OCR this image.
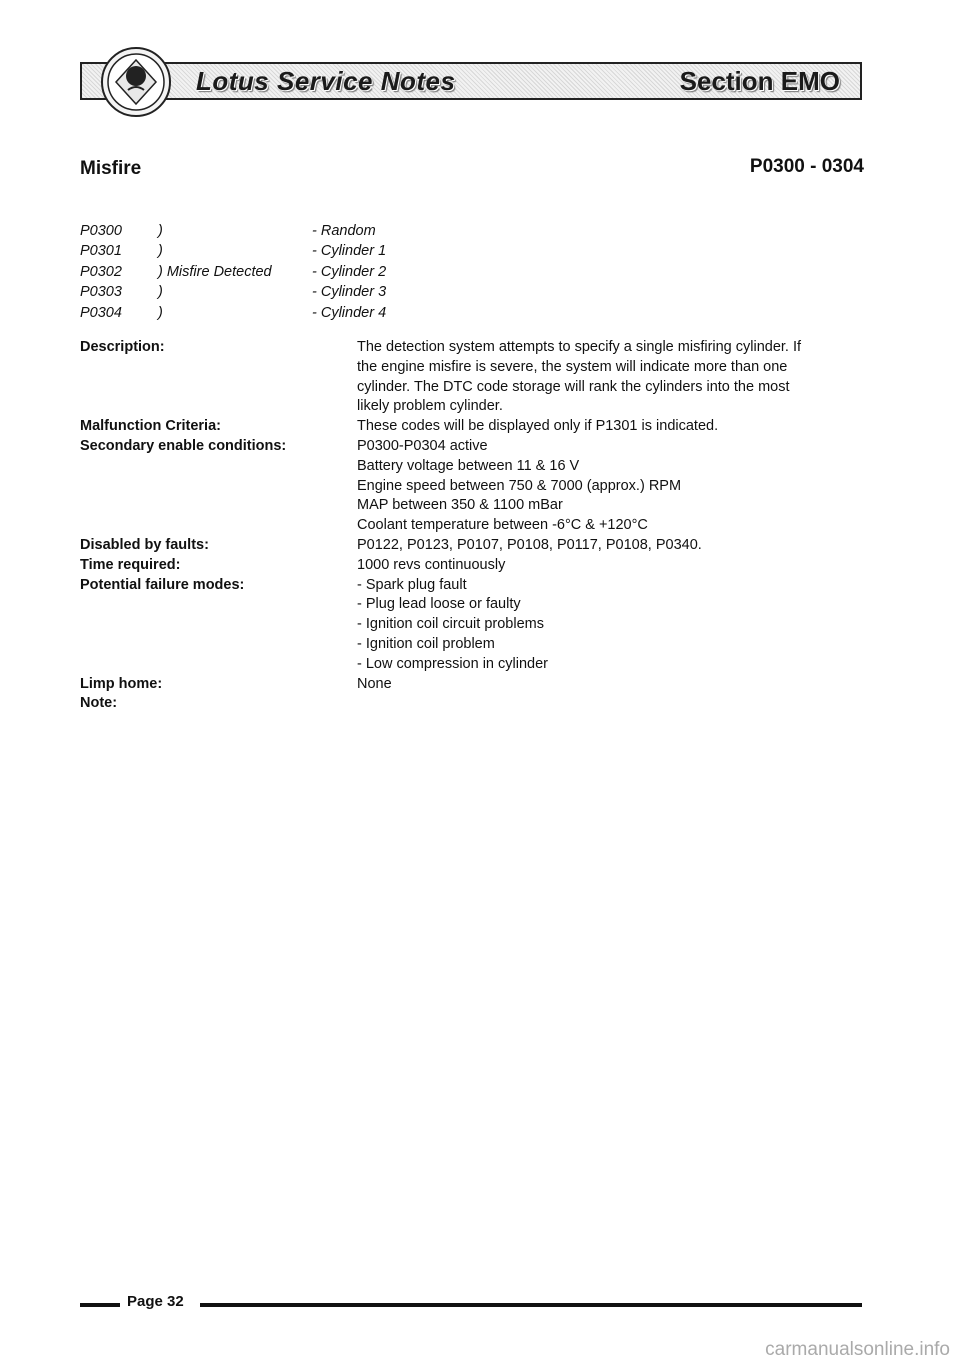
Lotus Service Notes	Section EMO
Misfire	P0300 - 0304
P0300 )	- Random
P0301 )	- Cylinder 1
P0302 ) Misfire Detected	- Cylinder 2
P0303 )	- Cylinder 3
P0304 )	- Cylinder 4
Description:	The detection system attempts to specify a single misfiring cylinder. If
the engine misfire is severe, the system will indicate more than one
cylinder. The DTC code storage will rank the cylinders into the most
likely problem cylinder.
Malfunction Criteria:	These codes will be displayed only if P1301 is indicated.
Secondary enable conditions:	P0300-P0304 active
Battery voltage between 11 & 16 V
Engine speed between 750 & 7000 (approx.) RPM
MAP between 350 & 1100 mBar
Coolant temperature between -6°C & +120°C
Disabled by faults:	P0122, P0123, P0107, P0108, P0117, P0108, P0340.
Time required:	1000 revs continuously
Potential failure modes:	- Spark plug fault
- Plug lead loose or faulty
- Ignition coil circuit problems
- Ignition coil problem
- Low compression in cylinder
Limp home:	None
Note:
Page 32
carmanualsonline.info
